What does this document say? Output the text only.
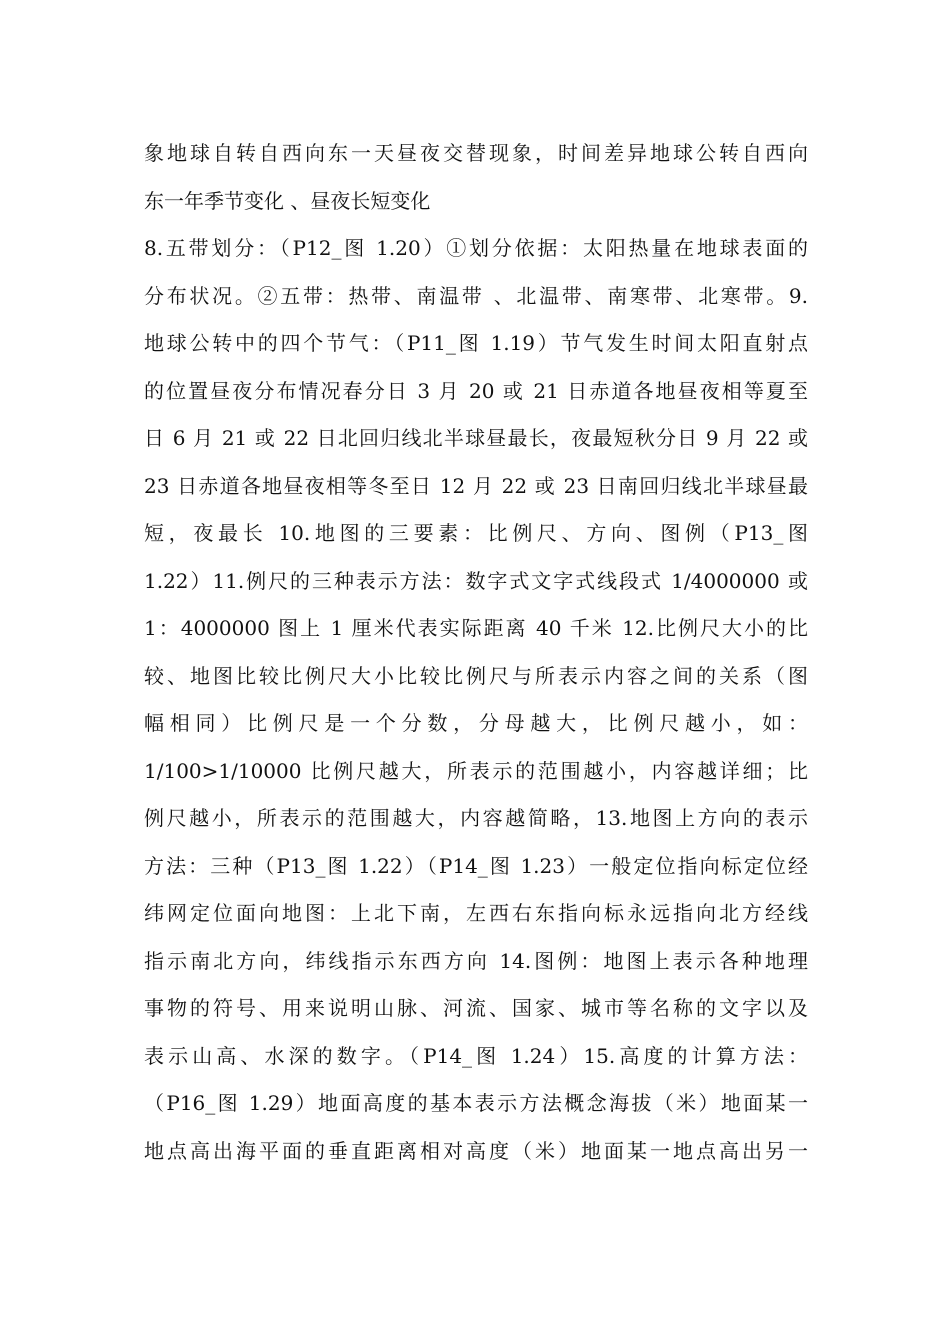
象地球自转自西向东一天昼夜交替现象，时间差异地球公转自西向
东一年季节变化 、昼夜长短变化
8.五带划分：（P12_图 1.20）①划分依据：太阳热量在地球表面的
分布状况。②五带：热带、南温带 、北温带、南寒带、北寒带。9.
地球公转中的四个节气：（P11_图 1.19）节气发生时间太阳直射点
的位置昼夜分布情况春分日 3 月 20 或 21 日赤道各地昼夜相等夏至
日 6 月 21 或 22 日北回归线北半球昼最长，夜最短秋分日 9 月 22 或
23 日赤道各地昼夜相等冬至日 12 月 22 或 23 日南回归线北半球昼最
短，夜最长 10.地图的三要素：比例尺、方向、图例（P13_图
1.22）11.例尺的三种表示方法：数字式文字式线段式 1/4000000 或
1：4000000 图上 1 厘米代表实际距离 40 千米 12.比例尺大小的比
较、地图比较比例尺大小比较比例尺与所表示内容之间的关系（图
幅相同）比例尺是一个分数，分母越大，比例尺越小，如：
1/100>1/10000 比例尺越大，所表示的范围越小，内容越详细；比
例尺越小，所表示的范围越大，内容越简略，13.地图上方向的表示
方法：三种（P13_图 1.22）（P14_图 1.23）一般定位指向标定位经
纬网定位面向地图：上北下南，左西右东指向标永远指向北方经线
指示南北方向，纬线指示东西方向 14.图例：地图上表示各种地理
事物的符号、用来说明山脉、河流、国家、城市等名称的文字以及
表示山高、水深的数字。（P14_图 1.24）15.高度的计算方法：
（P16_图 1.29）地面高度的基本表示方法概念海拔（米）地面某一
地点高出海平面的垂直距离相对高度（米）地面某一地点高出另一
